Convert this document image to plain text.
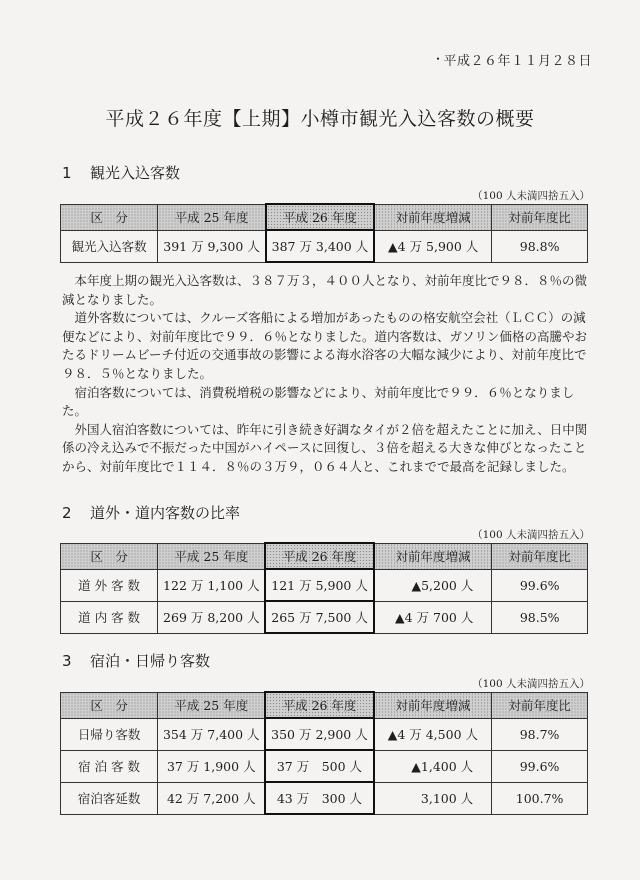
・ 平成２６年１１月２８日
平成２６年度【上期】小樽市観光入込客数の概要
1 観光入込客数
（100 人未満四捨五入）
区　分	平成 25 年度	平成 26 年度	対前年度増減	対前年度比
観光入込客数	391 万 9,300 人	387 万 3,400 人	▲4 万 5,900 人	98.8%

本年度上期の観光入込客数は、３８７万３，４００人となり、対前年度比で９８．８％の微減となりました。

道外客数については、クルーズ客船による増加があったものの格安航空会社（ＬＣＣ）の減便などにより、対前年度比で９９．６％となりました。道内客数は、ガソリン価格の高騰やおたるドリームビーチ付近の交通事故の影響による海水浴客の大幅な減少により、対前年度比で９８．５％となりました。

宿泊客数については、消費税増税の影響などにより、対前年度比で９９．６％となりました。

外国人宿泊客数については、昨年に引き続き好調なタイが２倍を超えたことに加え、日中関係の冷え込みで不振だった中国がハイペースに回復し、３倍を超える大きな伸びとなったことから、対前年度比で１１４．８％の３万９，０６４人と、これまでで最高を記録しました。

2 道外・道内客数の比率
（100 人未満四捨五入）
区　分	平成 25 年度	平成 26 年度	対前年度増減	対前年度比
道 外 客 数	122 万 1,100 人	121 万 5,900 人	▲5,200 人	99.6%
道 内 客 数	269 万 8,200 人	265 万 7,500 人	▲4 万 700 人	98.5%
3 宿泊・日帰り客数
（100 人未満四捨五入）
区　分	平成 25 年度	平成 26 年度	対前年度増減	対前年度比
日帰り客数	354 万 7,400 人	350 万 2,900 人	▲4 万 4,500 人	98.7%
宿 泊 客 数	37 万 1,900 人	37 万　500 人	▲1,400 人	99.6%
宿泊客延数	42 万 7,200 人	43 万　300 人	3,100 人	100.7%
